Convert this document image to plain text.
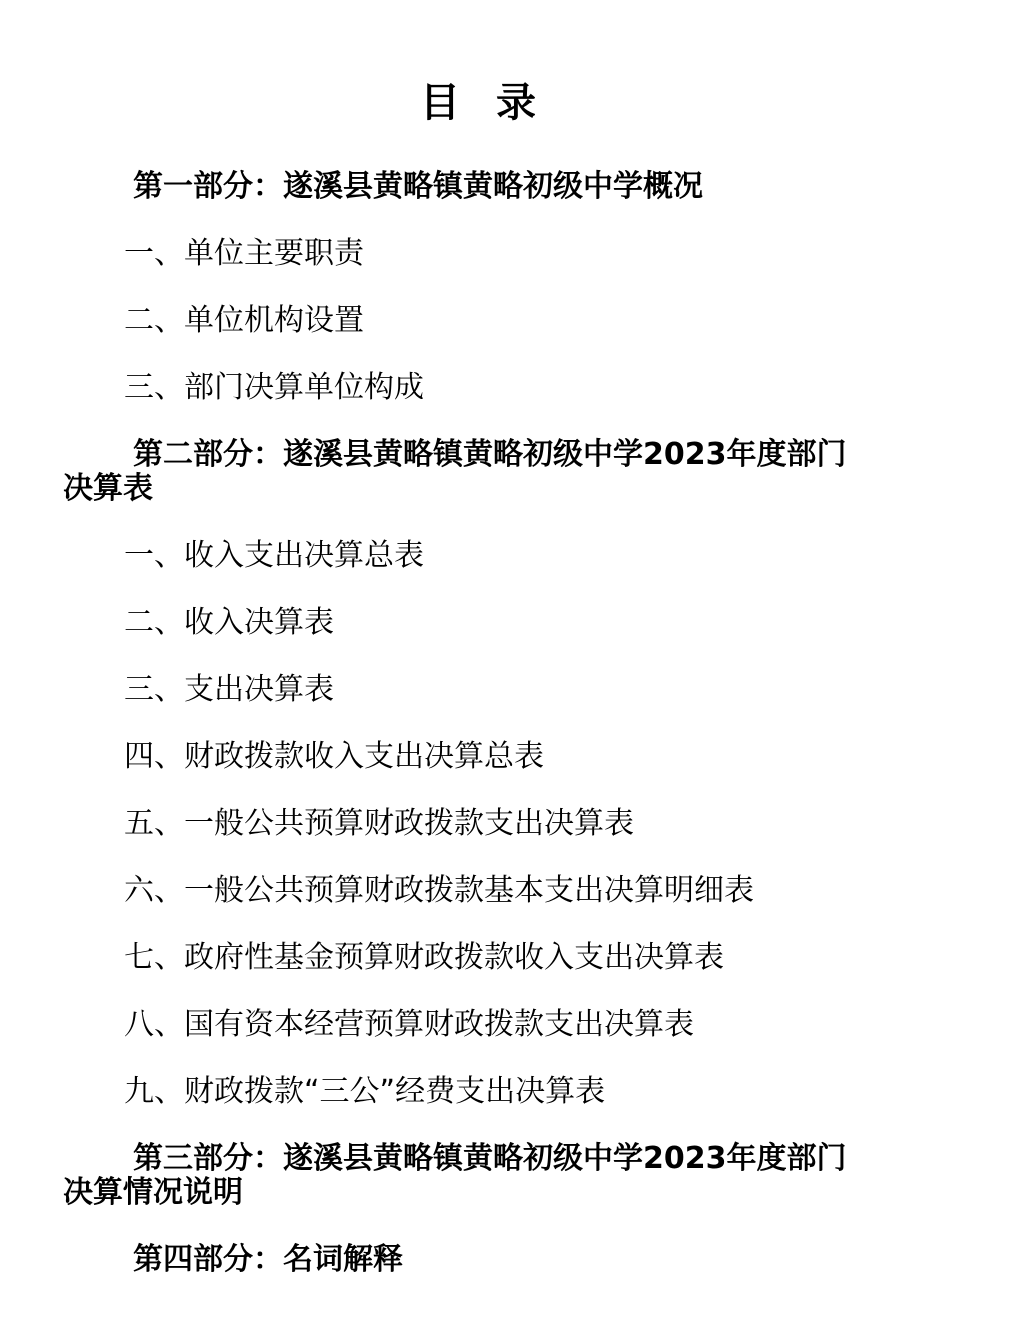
目 录

第一部分：遂溪县黄略镇黄略初级中学概况

一、单位主要职责

二、单位机构设置

三、部门决算单位构成

第二部分：遂溪县黄略镇黄略初级中学2023年度部门决算表

一、收入支出决算总表

二、收入决算表

三、支出决算表

四、财政拨款收入支出决算总表

五、一般公共预算财政拨款支出决算表

六、一般公共预算财政拨款基本支出决算明细表

七、政府性基金预算财政拨款收入支出决算表

八、国有资本经营预算财政拨款支出决算表

九、财政拨款“三公”经费支出决算表

第三部分：遂溪县黄略镇黄略初级中学2023年度部门决算情况说明

第四部分：名词解释
